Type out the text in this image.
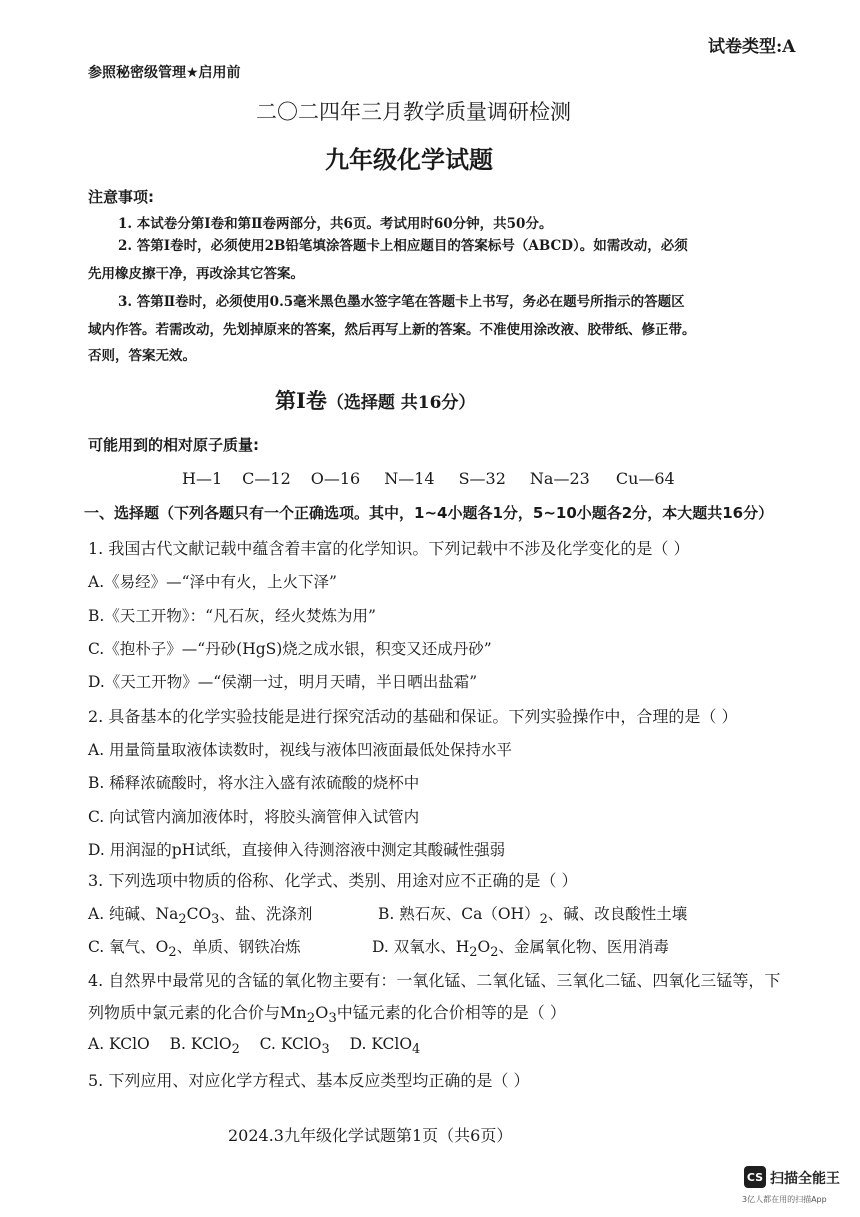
试卷类型:A
参照秘密级管理★启用前
二〇二四年三月教学质量调研检测
九年级化学试题
注意事项:
1. 本试卷分第Ⅰ卷和第Ⅱ卷两部分，共6页。考试用时60分钟，共50分。
2. 答第Ⅰ卷时，必须使用2B铅笔填涂答题卡上相应题目的答案标号（ABCD）。如需改动，必须
先用橡皮擦干净，再改涂其它答案。
3. 答第Ⅱ卷时，必须使用0.5毫米黑色墨水签字笔在答题卡上书写，务必在题号所指示的答题区
域内作答。若需改动，先划掉原来的答案，然后再写上新的答案。不准使用涂改液、胶带纸、修正带。
否则，答案无效。
第Ⅰ卷（选择题 共16分）
可能用到的相对原子质量:
H—1 C—12 O—16 N—14 S—32 Na—23 Cu—64
一、选择题（下列各题只有一个正确选项。其中，1~4小题各1分，5~10小题各2分，本大题共16分）
1. 我国古代文献记载中蕴含着丰富的化学知识。下列记载中不涉及化学变化的是（ ）
A.《易经》—“泽中有火，上火下泽”
B.《天工开物》：“凡石灰，经火焚炼为用”
C.《抱朴子》—“丹砂(HgS)烧之成水银，积变又还成丹砂”
D.《天工开物》—“侯潮一过，明月天晴，半日晒出盐霜”
2. 具备基本的化学实验技能是进行探究活动的基础和保证。下列实验操作中，合理的是（ ）
A. 用量筒量取液体读数时，视线与液体凹液面最低处保持水平
B. 稀释浓硫酸时，将水注入盛有浓硫酸的烧杯中
C. 向试管内滴加液体时，将胶头滴管伸入试管内
D. 用润湿的pH试纸，直接伸入待测溶液中测定其酸碱性强弱
3. 下列选项中物质的俗称、化学式、类别、用途对应不正确的是（ ）
A. 纯碱、$Na_2CO_3$、盐、洗涤剂	B. 熟石灰、$Ca(OH)_2$、碱、改良酸性土壤
C. 氧气、$O_2$、单质、钢铁冶炼	D. 双氧水、$H_2O_2$、金属氧化物、医用消毒
4. 自然界中最常见的含锰的氧化物主要有：一氧化锰、二氧化锰、三氧化二锰、四氧化三锰等，下
列物质中氯元素的化合价与$Mn_2O_3$中锰元素的化合价相等的是（ ）
A. KClO B. KClO$_2$ C. KClO$_3$ D. KClO$_4$
5. 下列应用、对应化学方程式、基本反应类型均正确的是（ ）
2024.3九年级化学试题第1页（共6页）
CS 扫描全能王
3亿人都在用的扫描App
